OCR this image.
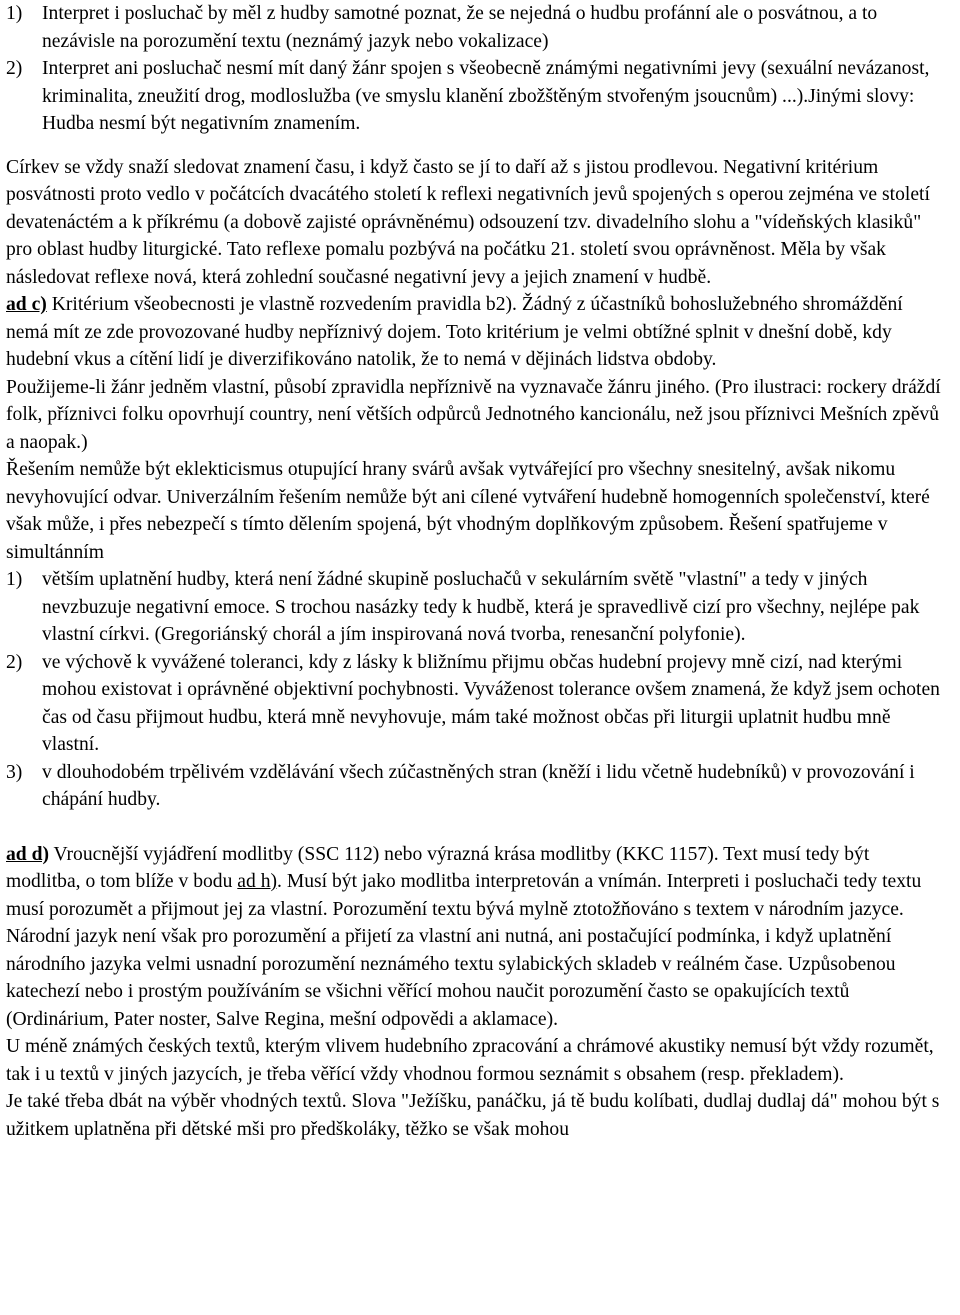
1)	Interpret i posluchač by měl z hudby samotné poznat, že se nejedná o hudbu profánní ale o posvátnou, a to nezávisle na porozumění textu (neznámý jazyk nebo vokalizace)
2)	Interpret ani posluchač nesmí mít daný žánr spojen s všeobecně známými negativními jevy (sexuální nevázanost, kriminalita, zneužití drog, modloslužba (ve smyslu klanění zbožštěným stvořeným jsoucnům) ...).Jinými slovy: Hudba nesmí být negativním znamením.

Církev se vždy snaží sledovat znamení času, i když často se jí to daří až s jistou prodlevou. Negativní kritérium posvátnosti proto vedlo v počátcích dvacátého století k reflexi negativních jevů spojených s operou zejména ve století devatenáctém a k příkrému (a dobově zajisté oprávněnému) odsouzení tzv. divadelního slohu a "vídeňských klasiků" pro oblast hudby liturgické. Tato reflexe pomalu pozbývá na počátku 21. století svou oprávněnost. Měla by však následovat reflexe nová, která zohlední současné negativní jevy a jejich znamení v hudbě.

ad c) Kritérium všeobecnosti je vlastně rozvedením pravidla b2). Žádný z účastníků bohoslužebného shromáždění nemá mít ze zde provozované hudby nepříznivý dojem. Toto kritérium je velmi obtížné splnit v dnešní době, kdy hudební vkus a cítění lidí je diverzifikováno natolik, že to nemá v dějinách lidstva obdoby.

Použijeme-li žánr jedněm vlastní, působí zpravidla nepříznivě na vyznavače žánru jiného. (Pro ilustraci: rockery dráždí folk, příznivci folku opovrhují country, není větších odpůrců Jednotného kancionálu, než jsou příznivci Mešních zpěvů a naopak.)

Řešením nemůže být eklekticismus otupující hrany svárů avšak vytvářející pro všechny snesitelný, avšak nikomu nevyhovující odvar. Univerzálním řešením nemůže být ani cílené vytváření hudebně homogenních společenství, které však může, i přes nebezpečí s tímto dělením spojená, být vhodným doplňkovým způsobem. Řešení spatřujeme v simultánním

1)	větším uplatnění hudby, která není žádné skupině posluchačů v sekulárním světě "vlastní" a tedy v jiných nevzbuzuje negativní emoce. S trochou nasázky tedy k hudbě, která je spravedlivě cizí pro všechny, nejlépe pak vlastní církvi. (Gregoriánský chorál a jím inspirovaná nová tvorba, renesanční polyfonie).
2)	ve výchově k vyvážené toleranci, kdy z lásky k bližnímu přijmu občas hudební projevy mně cizí, nad kterými mohou existovat i oprávněné objektivní pochybnosti. Vyváženost tolerance ovšem znamená, že když jsem ochoten čas od času přijmout hudbu, která mně nevyhovuje, mám také možnost občas při liturgii uplatnit hudbu mně vlastní.
3)	v dlouhodobém trpělivém vzdělávání všech zúčastněných stran (kněží i lidu včetně hudebníků) v provozování i chápání hudby.

ad d) Vroucnější vyjádření modlitby (SSC 112) nebo výrazná krása modlitby (KKC 1157). Text musí tedy být modlitba, o tom blíže v bodu ad h). Musí být jako modlitba interpretován a vnímán. Interpreti i posluchači tedy textu musí porozumět a přijmout jej za vlastní. Porozumění textu bývá mylně ztotožňováno s textem v národním jazyce. Národní jazyk není však pro porozumění a přijetí za vlastní ani nutná, ani postačující podmínka, i když uplatnění národního jazyka velmi usnadní porozumění neznámého textu sylabických skladeb v reálném čase. Uzpůsobenou katechezí nebo i prostým používáním se všichni věřící mohou naučit porozumění často se opakujících textů (Ordinárium, Pater noster, Salve Regina, mešní odpovědi a aklamace).

U méně známých českých textů, kterým vlivem hudebního zpracování a chrámové akustiky nemusí být vždy rozumět, tak i u textů v jiných jazycích, je třeba věřící vždy vhodnou formou seznámit s obsahem (resp. překladem).

Je také třeba dbát na výběr vhodných textů. Slova "Ježíšku, panáčku, já tě budu kolíbati, dudlaj dudlaj dá" mohou být s užitkem uplatněna při dětské mši pro předškoláky, těžko se však mohou
